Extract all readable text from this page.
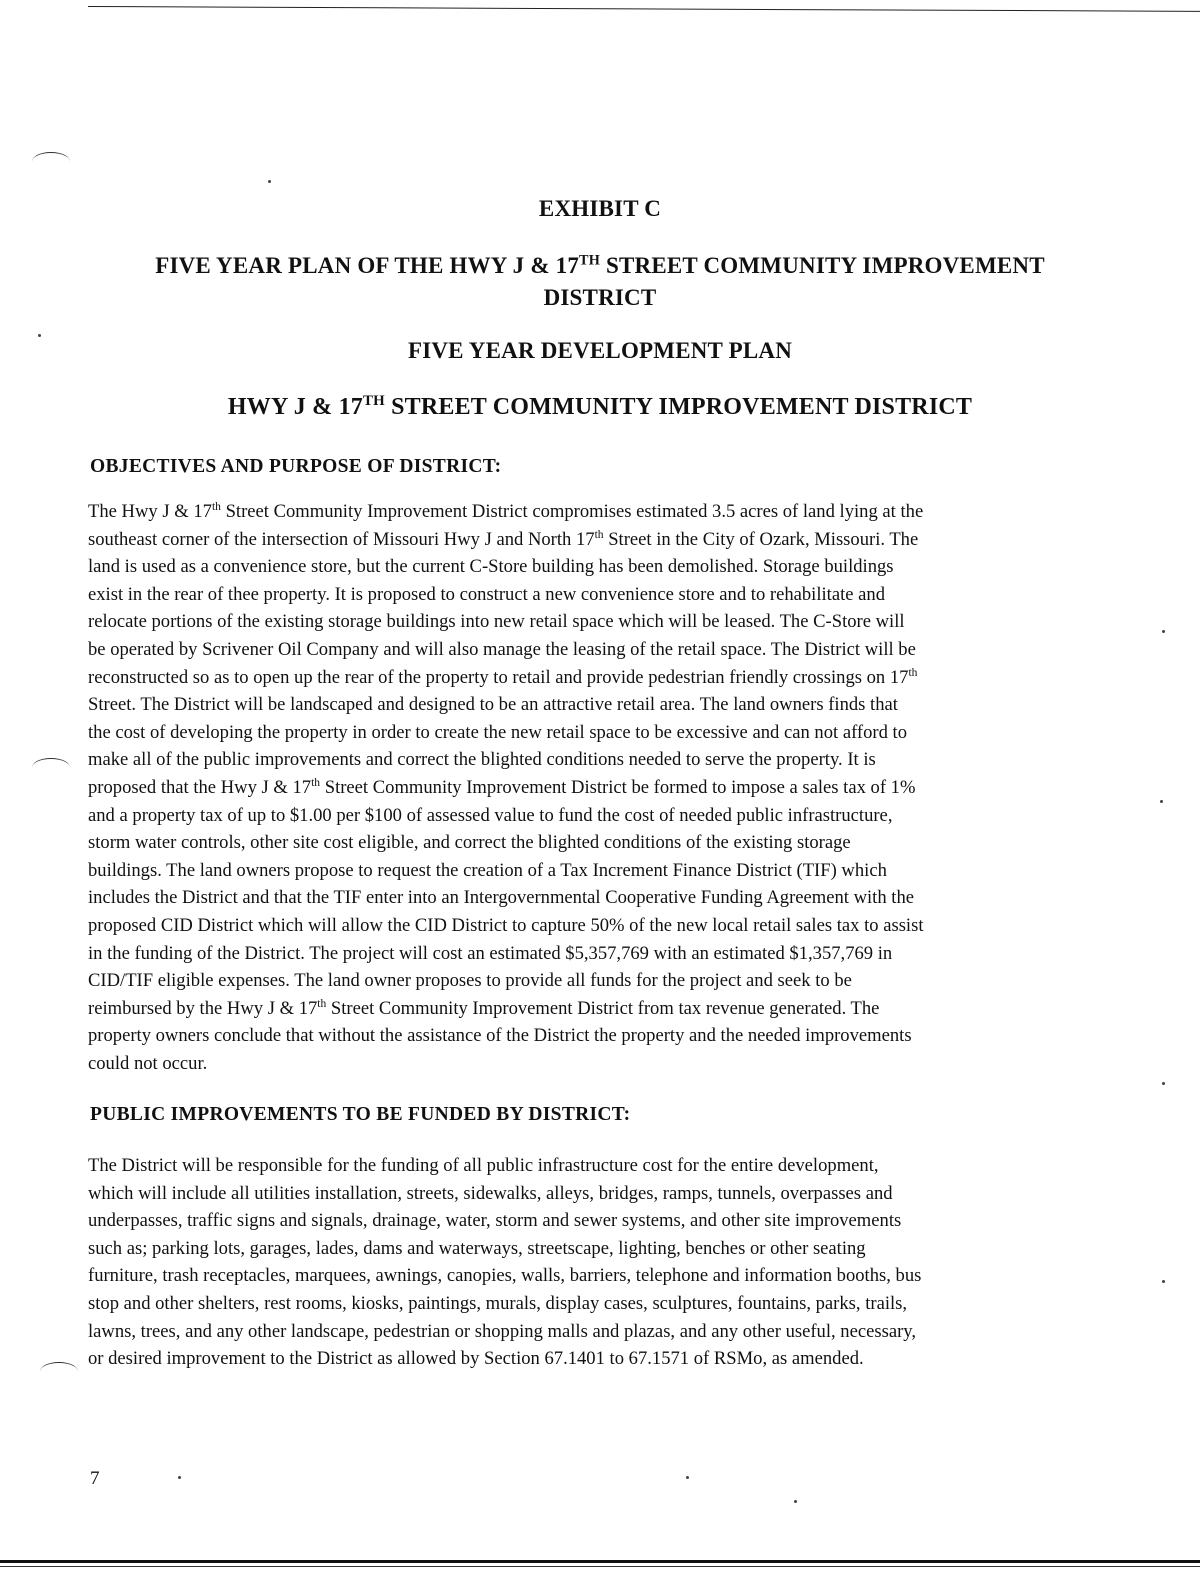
EXHIBIT C
FIVE YEAR PLAN OF THE HWY J & 17TH STREET COMMUNITY IMPROVEMENT
DISTRICT
FIVE YEAR DEVELOPMENT PLAN
HWY J & 17TH STREET COMMUNITY IMPROVEMENT DISTRICT
OBJECTIVES AND PURPOSE OF DISTRICT:
The Hwy J & 17th Street Community Improvement District compromises estimated 3.5 acres of land lying at the
southeast corner of the intersection of Missouri Hwy J and North 17th Street in the City of Ozark, Missouri. The
land is used as a convenience store, but the current C-Store building has been demolished. Storage buildings
exist in the rear of thee property. It is proposed to construct a new convenience store and to rehabilitate and
relocate portions of the existing storage buildings into new retail space which will be leased. The C-Store will
be operated by Scrivener Oil Company and will also manage the leasing of the retail space. The District will be
reconstructed so as to open up the rear of the property to retail and provide pedestrian friendly crossings on 17th
Street. The District will be landscaped and designed to be an attractive retail area. The land owners finds that
the cost of developing the property in order to create the new retail space to be excessive and can not afford to
make all of the public improvements and correct the blighted conditions needed to serve the property. It is
proposed that the Hwy J & 17th Street Community Improvement District be formed to impose a sales tax of 1%
and a property tax of up to $1.00 per $100 of assessed value to fund the cost of needed public infrastructure,
storm water controls, other site cost eligible, and correct the blighted conditions of the existing storage
buildings. The land owners propose to request the creation of a Tax Increment Finance District (TIF) which
includes the District and that the TIF enter into an Intergovernmental Cooperative Funding Agreement with the
proposed CID District which will allow the CID District to capture 50% of the new local retail sales tax to assist
in the funding of the District. The project will cost an estimated $5,357,769 with an estimated $1,357,769 in
CID/TIF eligible expenses. The land owner proposes to provide all funds for the project and seek to be
reimbursed by the Hwy J & 17th Street Community Improvement District from tax revenue generated. The
property owners conclude that without the assistance of the District the property and the needed improvements
could not occur.
PUBLIC IMPROVEMENTS TO BE FUNDED BY DISTRICT:
The District will be responsible for the funding of all public infrastructure cost for the entire development,
which will include all utilities installation, streets, sidewalks, alleys, bridges, ramps, tunnels, overpasses and
underpasses, traffic signs and signals, drainage, water, storm and sewer systems, and other site improvements
such as; parking lots, garages, lades, dams and waterways, streetscape, lighting, benches or other seating
furniture, trash receptacles, marquees, awnings, canopies, walls, barriers, telephone and information booths, bus
stop and other shelters, rest rooms, kiosks, paintings, murals, display cases, sculptures, fountains, parks, trails,
lawns, trees, and any other landscape, pedestrian or shopping malls and plazas, and any other useful, necessary,
or desired improvement to the District as allowed by Section 67.1401 to 67.1571 of RSMo, as amended.
7
